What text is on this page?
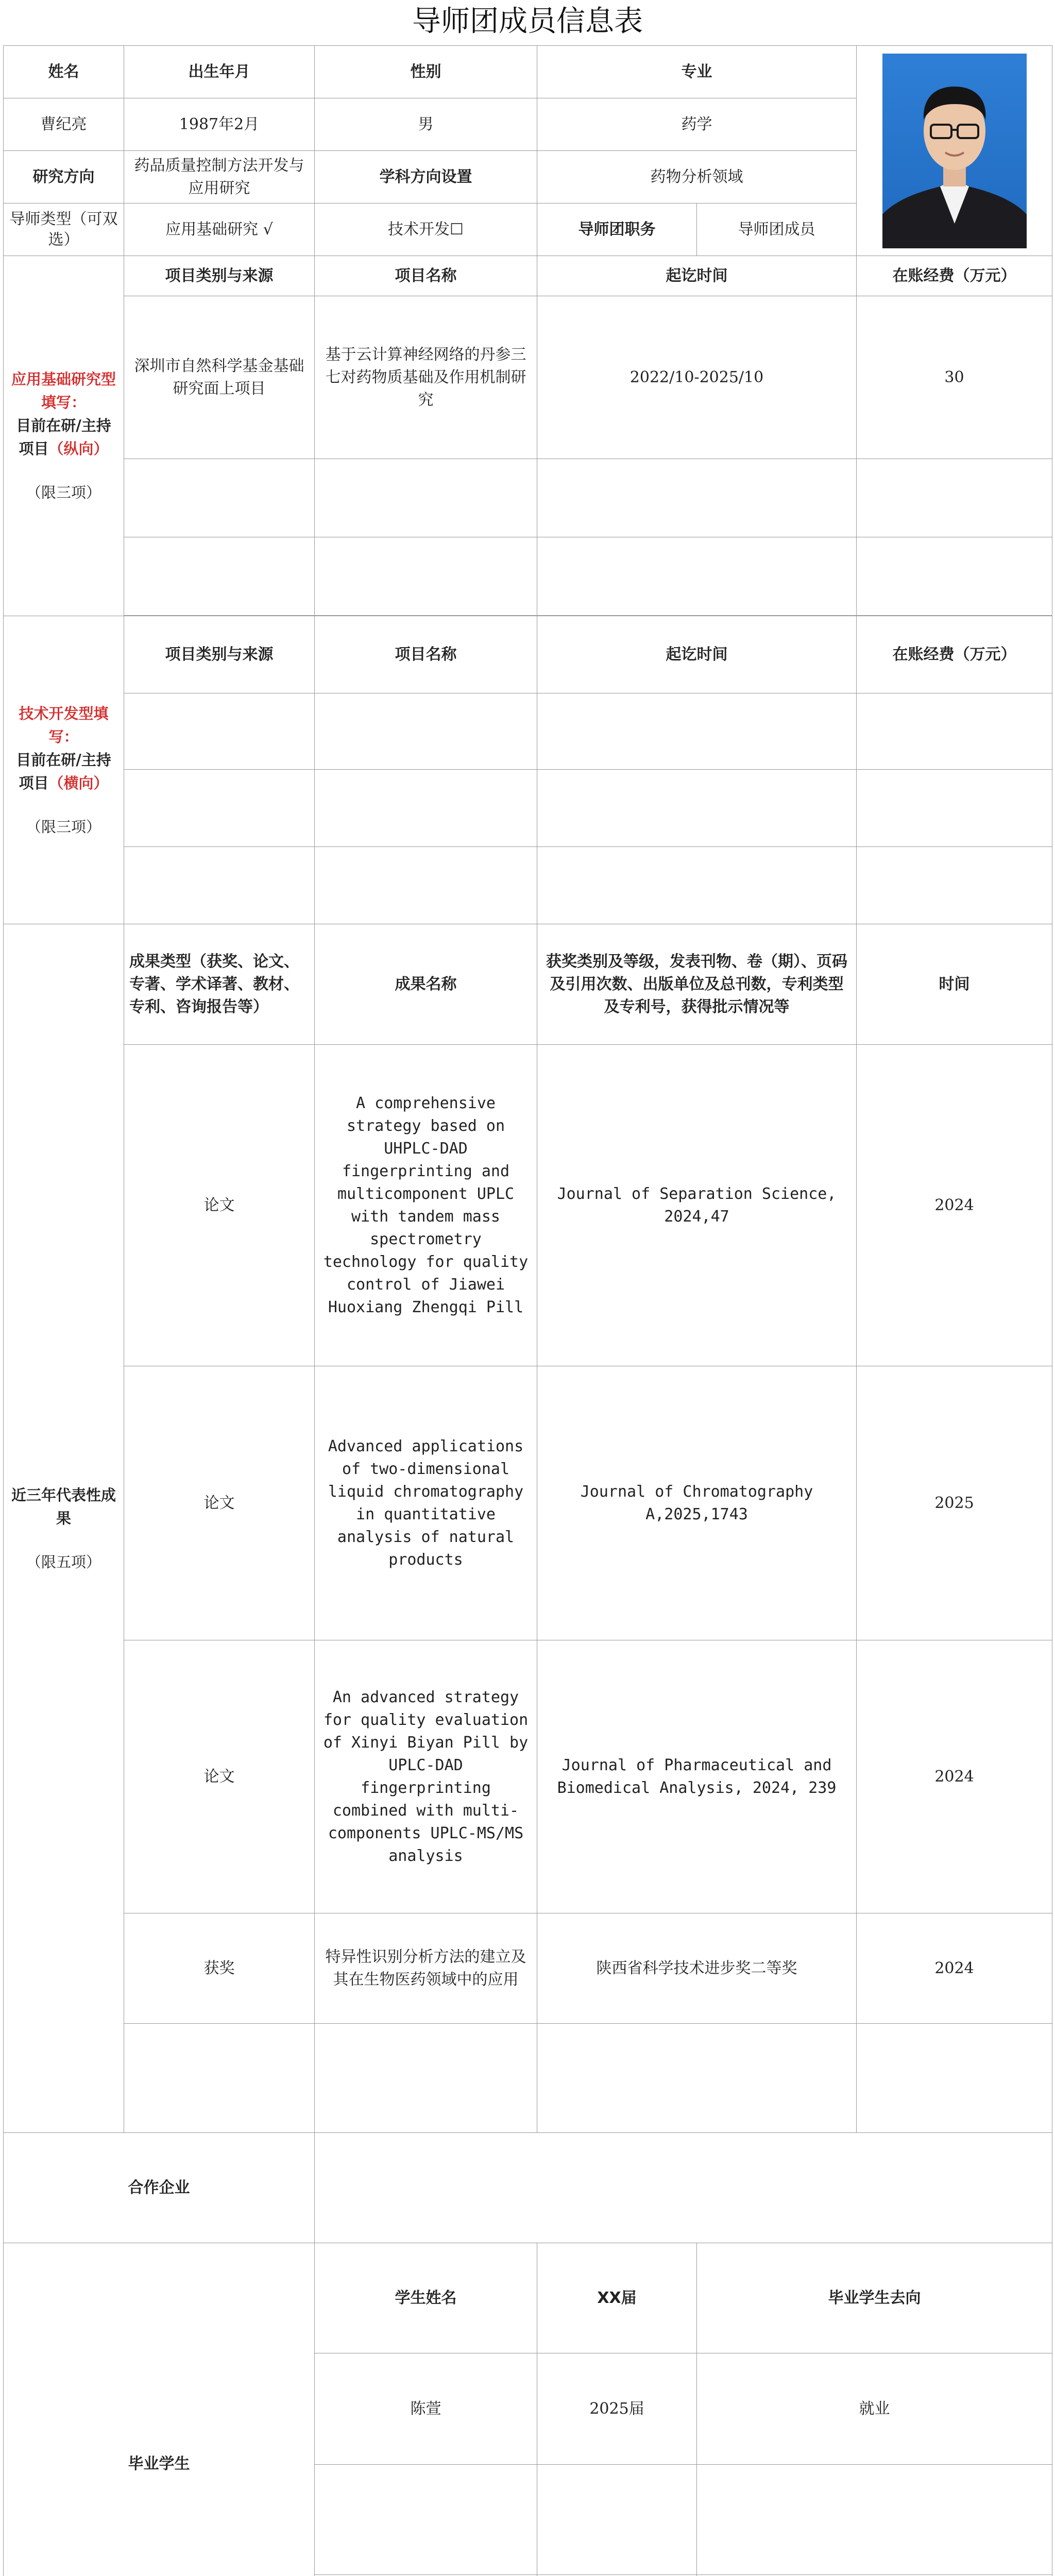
导师团成员信息表
姓名	出生年月	性别	专业	

曹纪亮	1987年2月	男	药学		
研究方向	药品质量控制方法开发与应用研究	学科方向设置	药物分析领域		
导师类型（可双选）	应用基础研究 √	技术开发☐	导师团职务	导师团成员	
应用基础研究型填写：
目前在研/主持项目（纵向）
（限三项）	项目类别与来源	项目名称	起讫时间		在账经费（万元）
	深圳市自然科学基金基础研究面上项目	基于云计算神经网络的丹参三七对药物质基础及作用机制研究	2022/10-2025/10		30

技术开发型填写：
目前在研/主持项目（横向）
（限三项）	项目类别与来源	项目名称	起讫时间		在账经费（万元）

近三年代表性成果
（限五项）	成果类型（获奖、论文、专著、学术译著、教材、专利、咨询报告等）	成果名称	获奖类别及等级，发表刊物、卷（期）、页码及引用次数、出版单位及总刊数，专利类型及专利号，获得批示情况等		时间
	论文	A comprehensive strategy based on UHPLC-DAD fingerprinting and multicomponent UPLC with tandem mass spectrometry technology for quality control of Jiawei Huoxiang Zhengqi Pill	Journal of Separation Science, 2024,47		2024
	论文	Advanced applications of two-dimensional liquid chromatography in quantitative analysis of natural products	Journal of Chromatography A,2025,1743		2025
	论文	An advanced strategy for quality evaluation of Xinyi Biyan Pill by UPLC-DAD fingerprinting combined with multi-components UPLC-MS/MS analysis	Journal of Pharmaceutical and Biomedical Analysis, 2024, 239		2024
	获奖	特异性识别分析方法的建立及其在生物医药领域中的应用	陕西省科学技术进步奖二等奖		2024

合作企业					
毕业学生		学生姓名	XX届	毕业学生去向	
		陈萱	2025届	就业	
